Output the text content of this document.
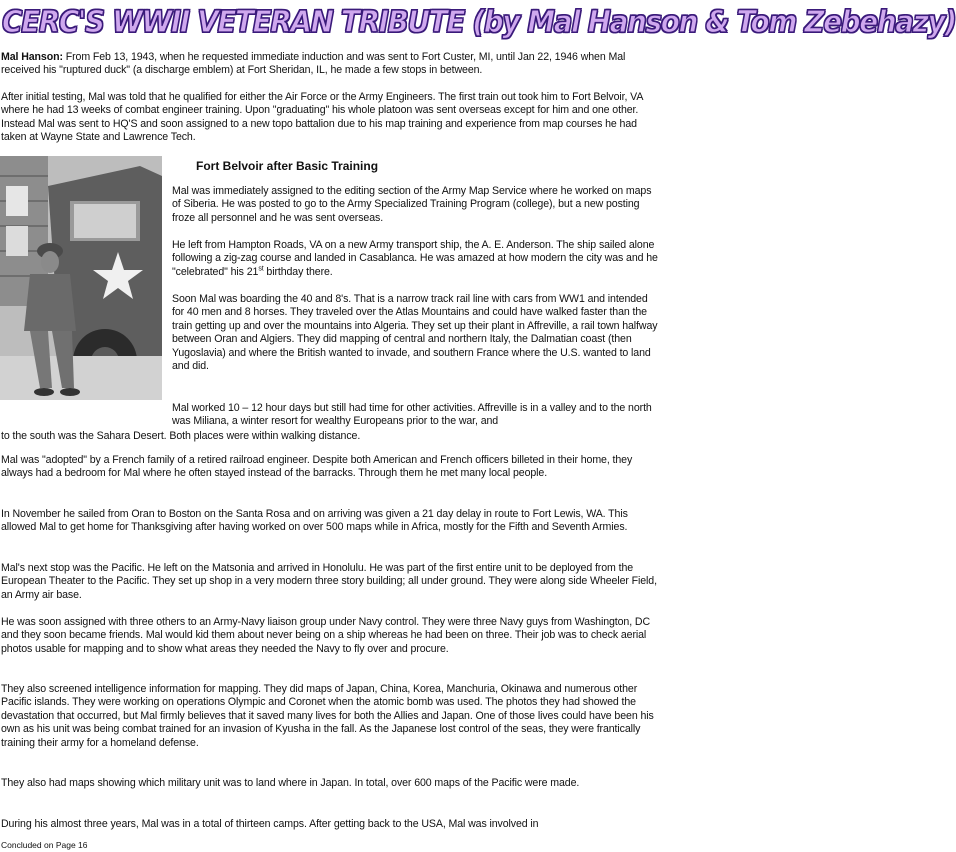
CERC'S WWII VETERAN TRIBUTE (by Mal Hanson & Tom Zebehazy)

Mal Hanson: From Feb 13, 1943, when he requested immediate induction and was sent to Fort Custer, MI, until Jan 22, 1946 when Mal received his "ruptured duck" (a discharge emblem) at Fort Sheridan, IL, he made a few stops in between.

After initial testing, Mal was told that he qualified for either the Air Force or the Army Engineers. The first train out took him to Fort Belvoir, VA where he had 13 weeks of combat engineer training. Upon "graduating" his whole platoon was sent overseas except for him and one other. Instead Mal was sent to HQ'S and soon assigned to a new topo battalion due to his map training and experience from map courses he had taken at Wayne State and Lawrence Tech.

Fort Belvoir after Basic Training

Mal was immediately assigned to the editing section of the Army Map Service where he worked on maps of Siberia. He was posted to go to the Army Specialized Training Program (college), but a new posting froze all personnel and he was sent overseas.

He left from Hampton Roads, VA on a new Army transport ship, the A. E. Anderson. The ship sailed alone following a zig-zag course and landed in Casablanca. He was amazed at how modern the city was and he "celebrated" his 21st birthday there.

Soon Mal was boarding the 40 and 8's. That is a narrow track rail line with cars from WW1 and intended for 40 men and 8 horses. They traveled over the Atlas Mountains and could have walked faster than the train getting up and over the mountains into Algeria. They set up their plant in Affreville, a rail town halfway between Oran and Algiers. They did mapping of central and northern Italy, the Dalmatian coast (then Yugoslavia) and where the British wanted to invade, and southern France where the U.S. wanted to land and did.

Mal worked 10 – 12 hour days but still had time for other activities. Affreville is in a valley and to the north was Miliana, a winter resort for wealthy Europeans prior to the war, and

to the south was the Sahara Desert. Both places were within walking distance.

Mal was "adopted" by a French family of a retired railroad engineer. Despite both American and French officers billeted in their home, they always had a bedroom for Mal where he often stayed instead of the barracks. Through them he met many local people.

In November he sailed from Oran to Boston on the Santa Rosa and on arriving was given a 21 day delay in route to Fort Lewis, WA. This allowed Mal to get home for Thanksgiving after having worked on over 500 maps while in Africa, mostly for the Fifth and Seventh Armies.

Mal's next stop was the Pacific. He left on the Matsonia and arrived in Honolulu. He was part of the first entire unit to be deployed from the European Theater to the Pacific. They set up shop in a very modern three story building; all under ground. They were along side Wheeler Field, an Army air base.

He was soon assigned with three others to an Army-Navy liaison group under Navy control. They were three Navy guys from Washington, DC and they soon became friends. Mal would kid them about never being on a ship whereas he had been on three. Their job was to check aerial photos usable for mapping and to show what areas they needed the Navy to fly over and procure.

They also screened intelligence information for mapping. They did maps of Japan, China, Korea, Manchuria, Okinawa and numerous other Pacific islands. They were working on operations Olympic and Coronet when the atomic bomb was used. The photos they had showed the devastation that occurred, but Mal firmly believes that it saved many lives for both the Allies and Japan. One of those lives could have been his own as his unit was being combat trained for an invasion of Kyusha in the fall. As the Japanese lost control of the seas, they were frantically training their army for a homeland defense.

They also had maps showing which military unit was to land where in Japan. In total, over 600 maps of the Pacific were made.

During his almost three years, Mal was in a total of thirteen camps. After getting back to the USA, Mal was involved in

Concluded on Page 16
